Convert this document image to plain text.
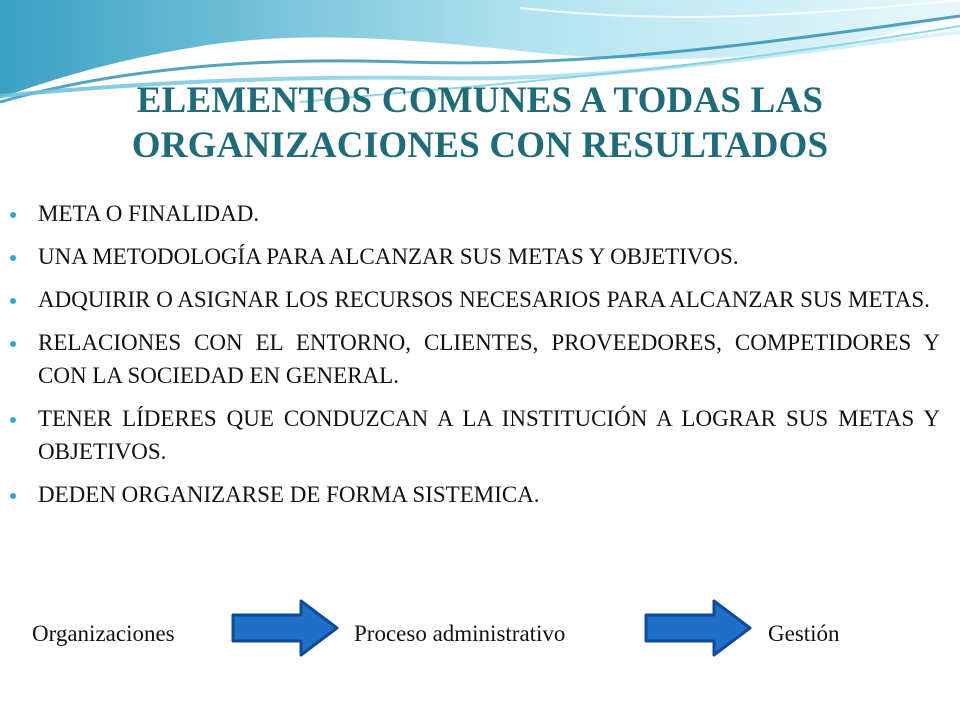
ELEMENTOS COMUNES A TODAS LAS
ORGANIZACIONES CON RESULTADOS
META O FINALIDAD.
UNA METODOLOGÍA PARA ALCANZAR SUS METAS Y OBJETIVOS.
ADQUIRIR O ASIGNAR LOS RECURSOS NECESARIOS PARA ALCANZAR SUS METAS.
RELACIONES CON EL ENTORNO, CLIENTES, PROVEEDORES, COMPETIDORES Y CON LA SOCIEDAD EN GENERAL.
TENER LÍDERES QUE CONDUZCAN A LA INSTITUCIÓN A LOGRAR SUS METAS Y OBJETIVOS.
DEDEN ORGANIZARSE DE FORMA SISTEMICA.
Organizaciones	Proceso administrativo	Gestión
